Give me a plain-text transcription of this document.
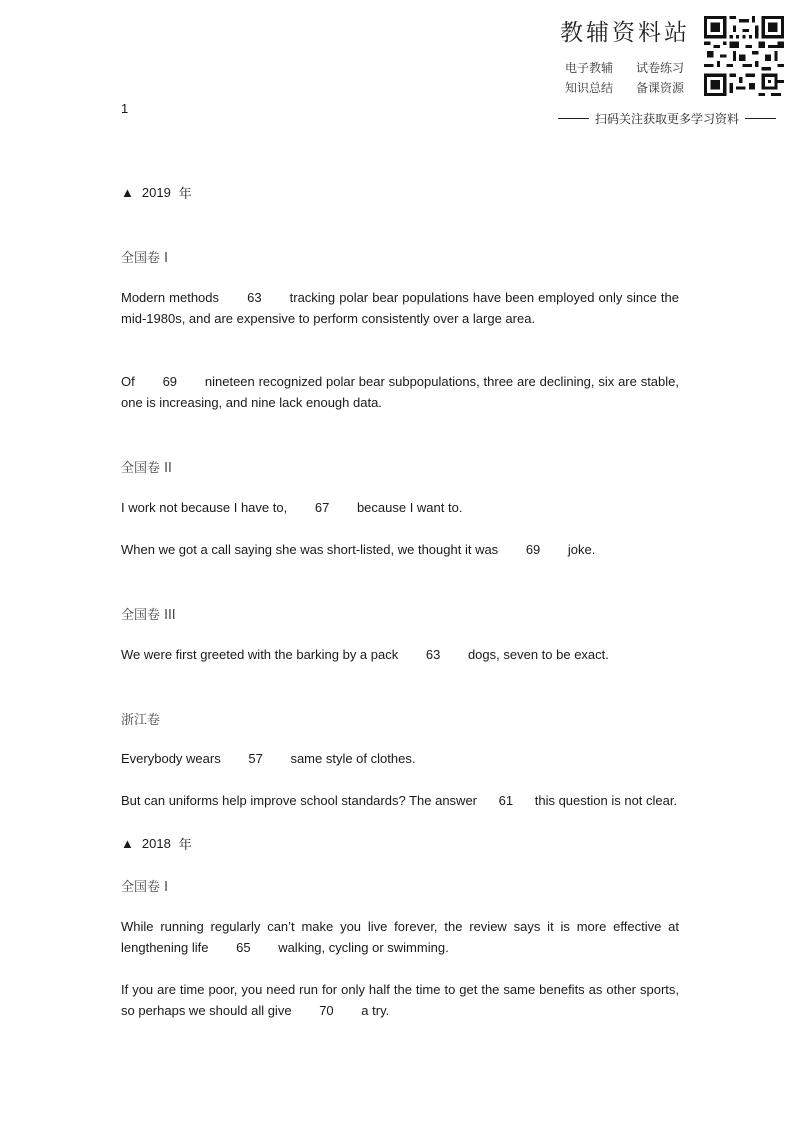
教辅资料站
电子教辅 试卷练习
知识总结 备课资源
扫码关注获取更多学习资料
1
▲ 2019 年
全国卷 I
Modern methods 63 tracking polar bear populations have been employed only since the mid-1980s, and are expensive to perform consistently over a large area.
Of 69 nineteen recognized polar bear subpopulations, three are declining, six are stable, one is increasing, and nine lack enough data.
全国卷 II
I work not because I have to, 67 because I want to.
When we got a call saying she was short-listed, we thought it was 69 joke.
全国卷 III
We were first greeted with the barking by a pack 63 dogs, seven to be exact.
浙江卷
Everybody wears 57 same style of clothes.
But can uniforms help improve school standards? The answer 61 this question is not clear.
▲ 2018 年
全国卷 I
While running regularly can’t make you live forever, the review says it is more effective at lengthening life 65 walking, cycling or swimming.
If you are time poor, you need run for only half the time to get the same benefits as other sports, so perhaps we should all give 70 a try.
